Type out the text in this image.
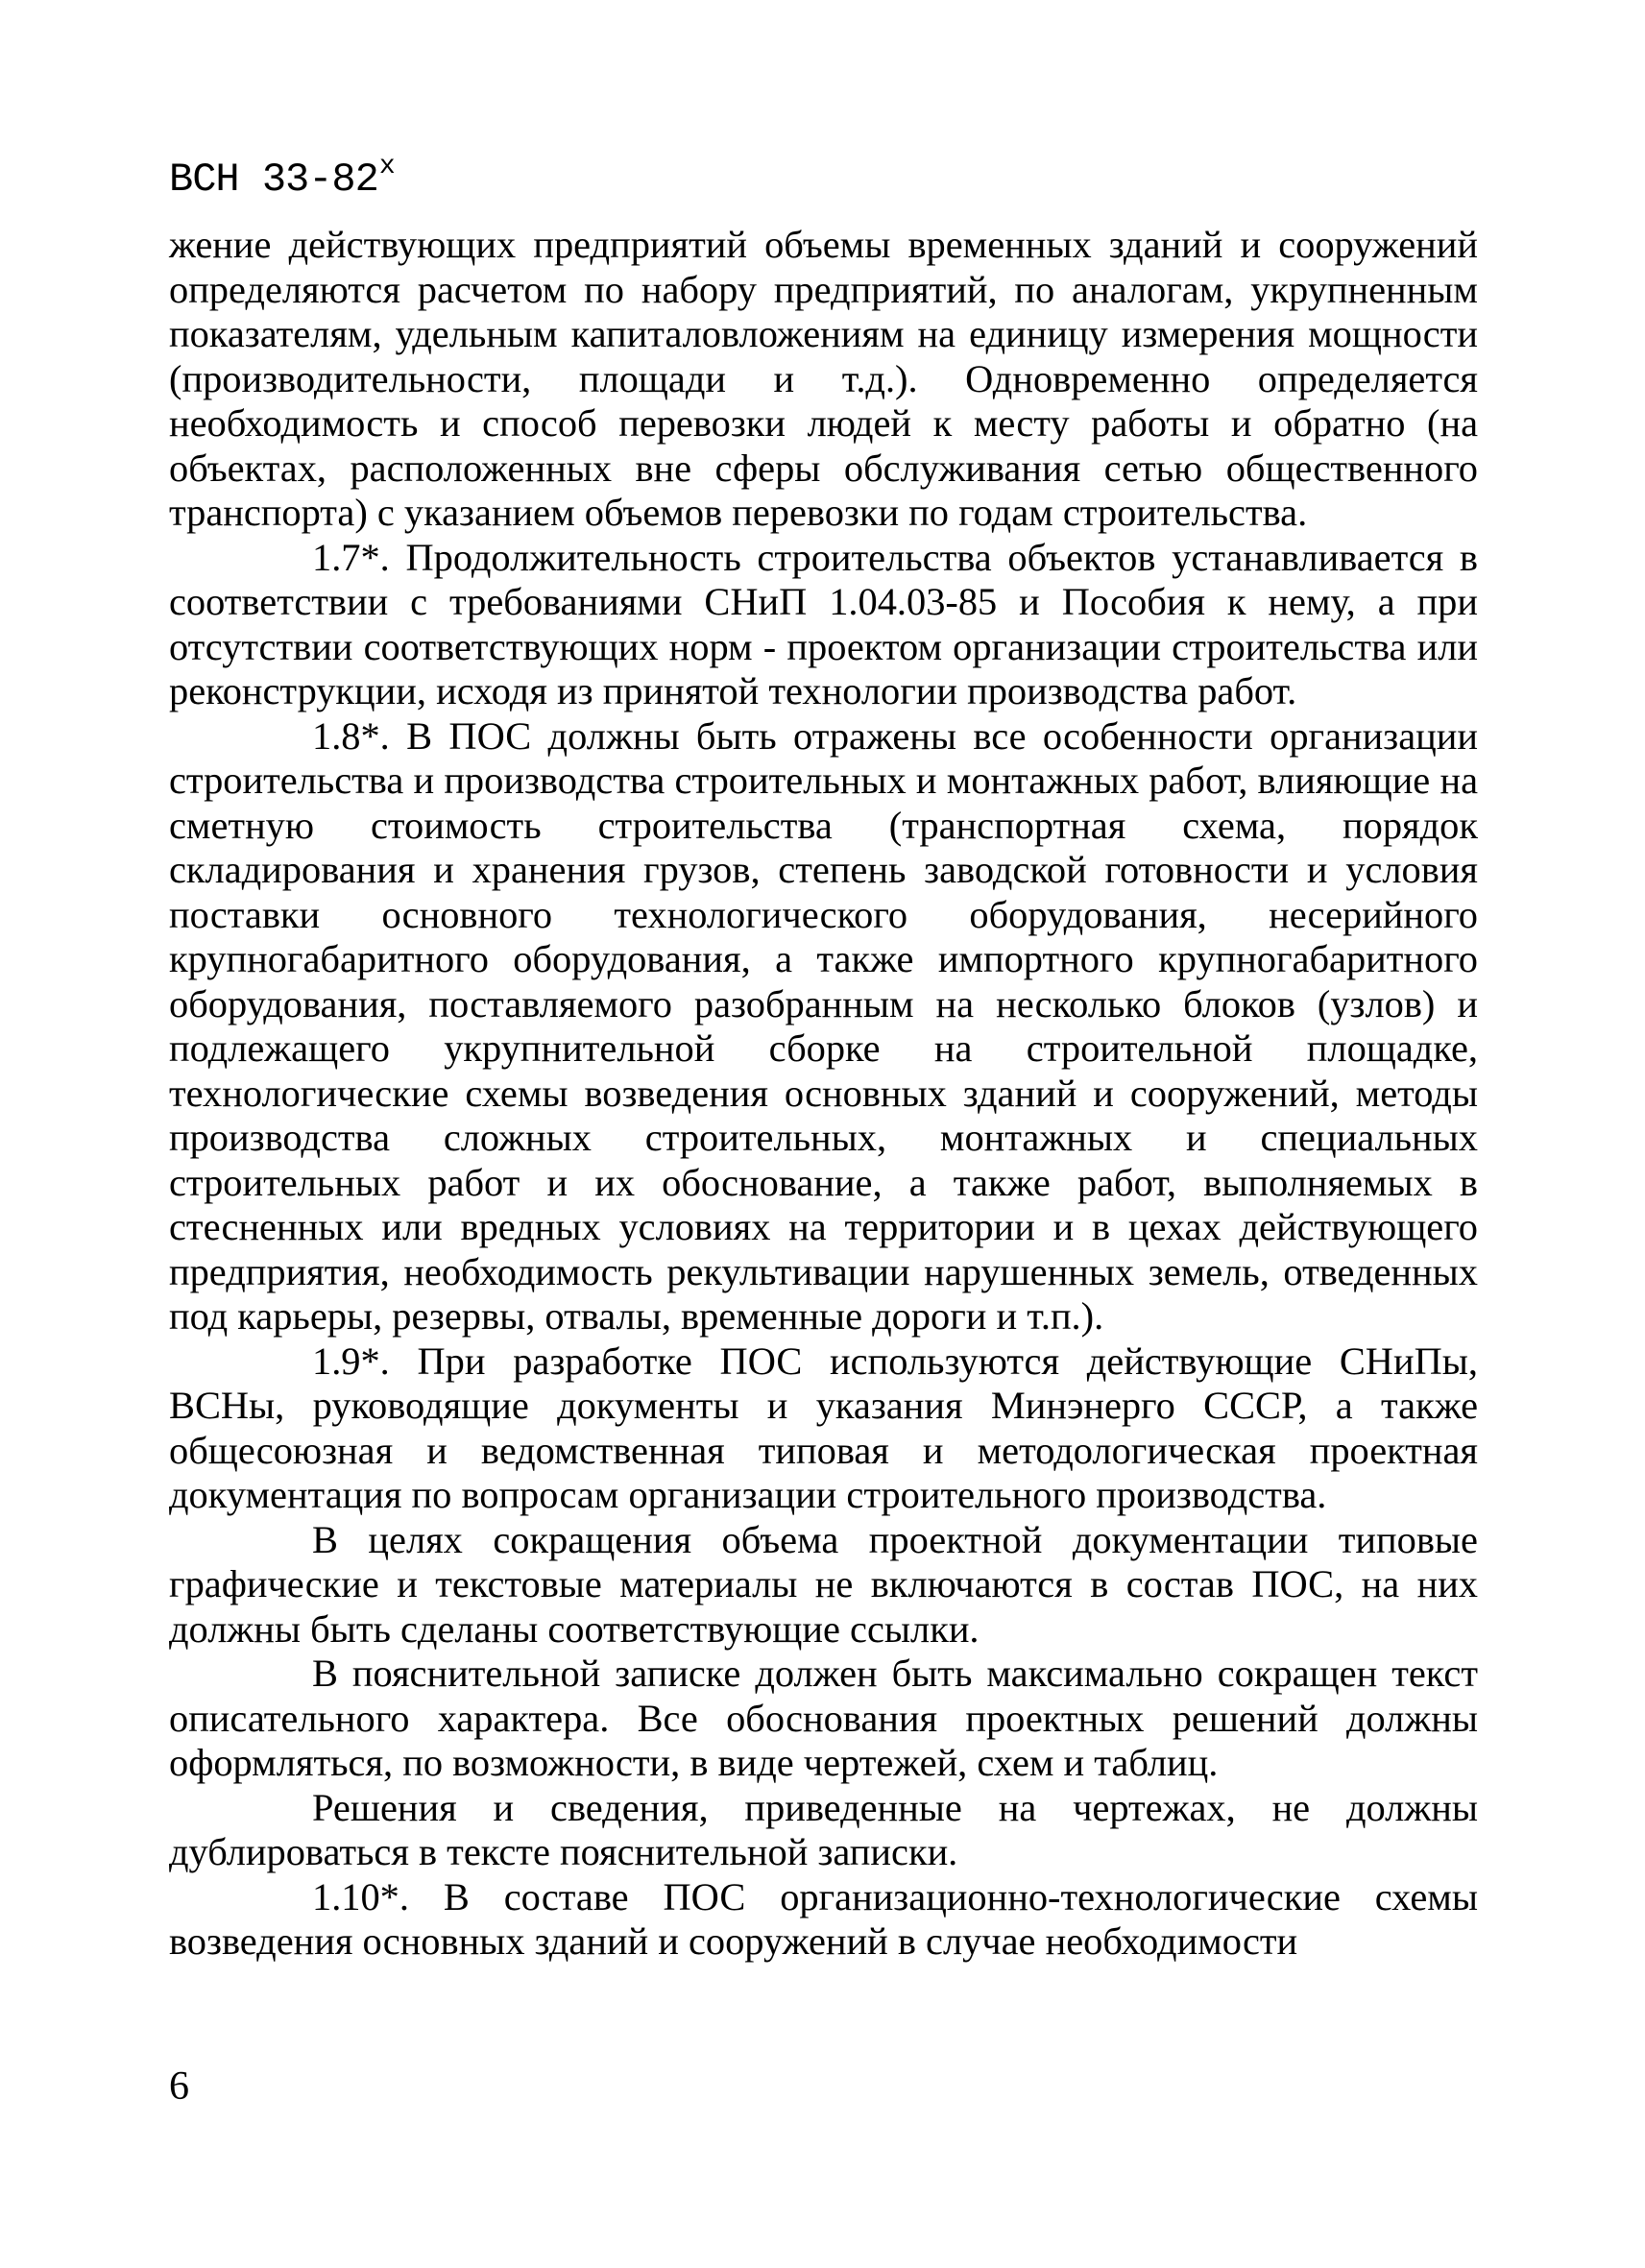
ВСН 33-82$^x$

жение действующих предприятий объемы временных зданий и сооружений определяются расчетом по набору предприятий, по аналогам, укрупненным показателям, удельным капиталовложениям на единицу измерения мощности (производительности, площади и т.д.). Одновременно определяется необходимость и способ перевозки людей к месту работы и обратно (на объектах, расположенных вне сферы обслуживания сетью общественного транспорта) с указанием объемов перевозки по годам строительства.

1.7*. Продолжительность строительства объектов устанавливается в соответствии с требованиями СНиП 1.04.03-85 и Пособия к нему, а при отсутствии соответствующих норм - проектом организации строительства или реконструкции, исходя из принятой технологии производства работ.

1.8*. В ПОС должны быть отражены все особенности организации строительства и производства строительных и монтажных работ, влияющие на сметную стоимость строительства (транспортная схема, порядок складирования и хранения грузов, степень заводской готовности и условия поставки основного технологического оборудования, несерийного крупногабаритного оборудования, а также импортного крупногабаритного оборудования, поставляемого разобранным на несколько блоков (узлов) и подлежащего укрупнительной сборке на строительной площадке, технологические схемы возведения основных зданий и сооружений, методы производства сложных строительных, монтажных и специальных строительных работ и их обоснование, а также работ, выполняемых в стесненных или вредных условиях на территории и в цехах действующего предприятия, необходимость рекультивации нарушенных земель, отведенных под карьеры, резервы, отвалы, временные дороги и т.п.).

1.9*. При разработке ПОС используются действующие СНиПы, ВСНы, руководящие документы и указания Минэнерго СССР, а также общесоюзная и ведомственная типовая и методологическая проектная документация по вопросам организации строительного производства.

В целях сокращения объема проектной документации типовые графические и текстовые материалы не включаются в состав ПОС, на них должны быть сделаны соответствующие ссылки.

В пояснительной записке должен быть максимально сокращен текст описательного характера. Все обоснования проектных решений должны оформляться, по возможности, в виде чертежей, схем и таблиц.

Решения и сведения, приведенные на чертежах, не должны дублироваться в тексте пояснительной записки.

1.10*. В составе ПОС организационно-технологические схемы возведения основных зданий и сооружений в случае необходимости

6
